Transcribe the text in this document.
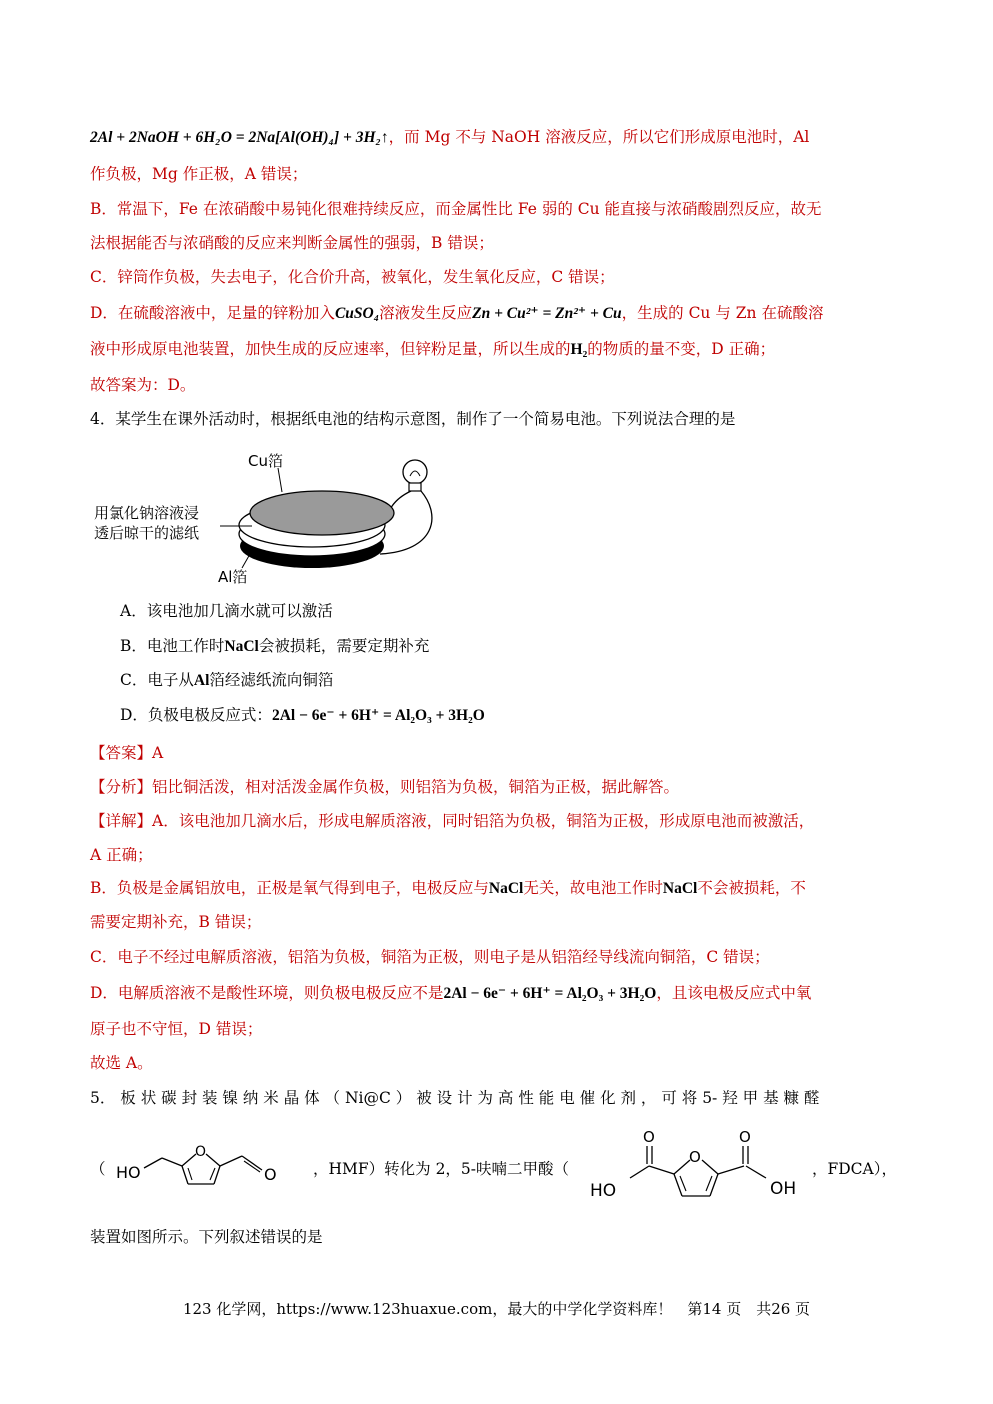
2Al + 2NaOH + 6H₂O = 2Na[Al(OH)₄] + 3H₂↑，而 Mg 不与 NaOH 溶液反应，所以它们形成原电池时，Al
作负极，Mg 作正极，A 错误；
B．常温下，Fe 在浓硝酸中易钝化很难持续反应，而金属性比 Fe 弱的 Cu 能直接与浓硝酸剧烈反应，故无
法根据能否与浓硝酸的反应来判断金属性的强弱，B 错误；
C．锌筒作负极，失去电子，化合价升高，被氧化，发生氧化反应，C 错误；
D．在硫酸溶液中，足量的锌粉加入CuSO₄溶液发生反应Zn + Cu²⁺ = Zn²⁺ + Cu，生成的 Cu 与 Zn 在硫酸溶
液中形成原电池装置，加快生成的反应速率，但锌粉足量，所以生成的H₂的物质的量不变，D 正确；
故答案为：D。
4．某学生在课外活动时，根据纸电池的结构示意图，制作了一个简易电池。下列说法合理的是
Cu箔
用氯化钠溶液浸
透后晾干的滤纸
Al箔
A．该电池加几滴水就可以激活
B．电池工作时NaCl会被损耗，需要定期补充
C．电子从Al箔经滤纸流向铜箔
D．负极电极反应式：2Al − 6e⁻ + 6H⁺ = Al₂O₃ + 3H₂O
【答案】A
【分析】铝比铜活泼，相对活泼金属作负极，则铝箔为负极，铜箔为正极，据此解答。
【详解】A．该电池加几滴水后，形成电解质溶液，同时铝箔为负极，铜箔为正极，形成原电池而被激活，
A 正确；
B．负极是金属铝放电，正极是氧气得到电子，电极反应与NaCl无关，故电池工作时NaCl不会被损耗，不
需要定期补充，B 错误；
C．电子不经过电解质溶液，铝箔为负极，铜箔为正极，则电子是从铝箔经导线流向铜箔，C 错误；
D．电解质溶液不是酸性环境，则负极电极反应不是2Al − 6e⁻ + 6H⁺ = Al₂O₃ + 3H₂O，且该电极反应式中氧
原子也不守恒，D 错误；
故选 A。
5． 板 状 碳 封 装 镍 纳 米 晶 体 （ Ni@C ） 被 设 计 为 高 性 能 电 催 化 剂 ， 可 将 5- 羟 甲 基 糠 醛
（ HO
O
O ，HMF）转化为 2，5-呋喃二甲酸（
O
HO
O
O
OH
，FDCA），
装置如图所示。下列叙述错误的是
123 化学网，https://www.123huaxue.com，最大的中学化学资料库！　第14 页　共26 页
